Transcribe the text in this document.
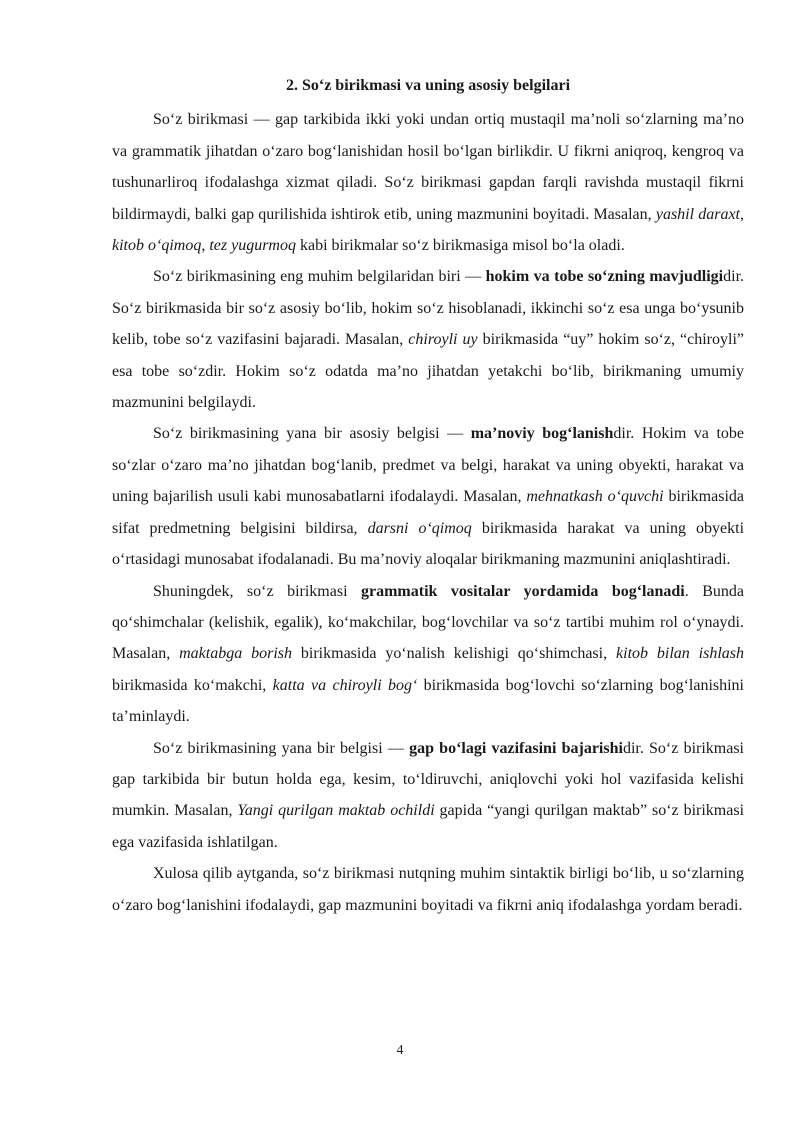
2. So‘z birikmasi va uning asosiy belgilari

So‘z birikmasi — gap tarkibida ikki yoki undan ortiq mustaqil ma’noli so‘zlarning ma’no va grammatik jihatdan o‘zaro bog‘lanishidan hosil bo‘lgan birlikdir. U fikrni aniqroq, kengroq va tushunarliroq ifodalashga xizmat qiladi. So‘z birikmasi gapdan farqli ravishda mustaqil fikrni bildirmaydi, balki gap qurilishida ishtirok etib, uning mazmunini boyitadi. Masalan, yashil daraxt, kitob o‘qimoq, tez yugurmoq kabi birikmalar so‘z birikmasiga misol bo‘la oladi.

So‘z birikmasining eng muhim belgilaridan biri — hokim va tobe so‘zning mavjudligidir. So‘z birikmasida bir so‘z asosiy bo‘lib, hokim so‘z hisoblanadi, ikkinchi so‘z esa unga bo‘ysunib kelib, tobe so‘z vazifasini bajaradi. Masalan, chiroyli uy birikmasida “uy” hokim so‘z, “chiroyli” esa tobe so‘zdir. Hokim so‘z odatda ma’no jihatdan yetakchi bo‘lib, birikmaning umumiy mazmunini belgilaydi.

So‘z birikmasining yana bir asosiy belgisi — ma’noviy bog‘lanishdir. Hokim va tobe so‘zlar o‘zaro ma’no jihatdan bog‘lanib, predmet va belgi, harakat va uning obyekti, harakat va uning bajarilish usuli kabi munosabatlarni ifodalaydi. Masalan, mehnatkash o‘quvchi birikmasida sifat predmetning belgisini bildirsa, darsni o‘qimoq birikmasida harakat va uning obyekti o‘rtasidagi munosabat ifodalanadi. Bu ma’noviy aloqalar birikmaning mazmunini aniqlashtiradi.

Shuningdek, so‘z birikmasi grammatik vositalar yordamida bog‘lanadi. Bunda qo‘shimchalar (kelishik, egalik), ko‘makchilar, bog‘lovchilar va so‘z tartibi muhim rol o‘ynaydi. Masalan, maktabga borish birikmasida yo‘nalish kelishigi qo‘shimchasi, kitob bilan ishlash birikmasida ko‘makchi, katta va chiroyli bog‘ birikmasida bog‘lovchi so‘zlarning bog‘lanishini ta’minlaydi.

So‘z birikmasining yana bir belgisi — gap bo‘lagi vazifasini bajarishidir. So‘z birikmasi gap tarkibida bir butun holda ega, kesim, to‘ldiruvchi, aniqlovchi yoki hol vazifasida kelishi mumkin. Masalan, Yangi qurilgan maktab ochildi gapida “yangi qurilgan maktab” so‘z birikmasi ega vazifasida ishlatilgan.

Xulosa qilib aytganda, so‘z birikmasi nutqning muhim sintaktik birligi bo‘lib, u so‘zlarning o‘zaro bog‘lanishini ifodalaydi, gap mazmunini boyitadi va fikrni aniq ifodalashga yordam beradi.

4
